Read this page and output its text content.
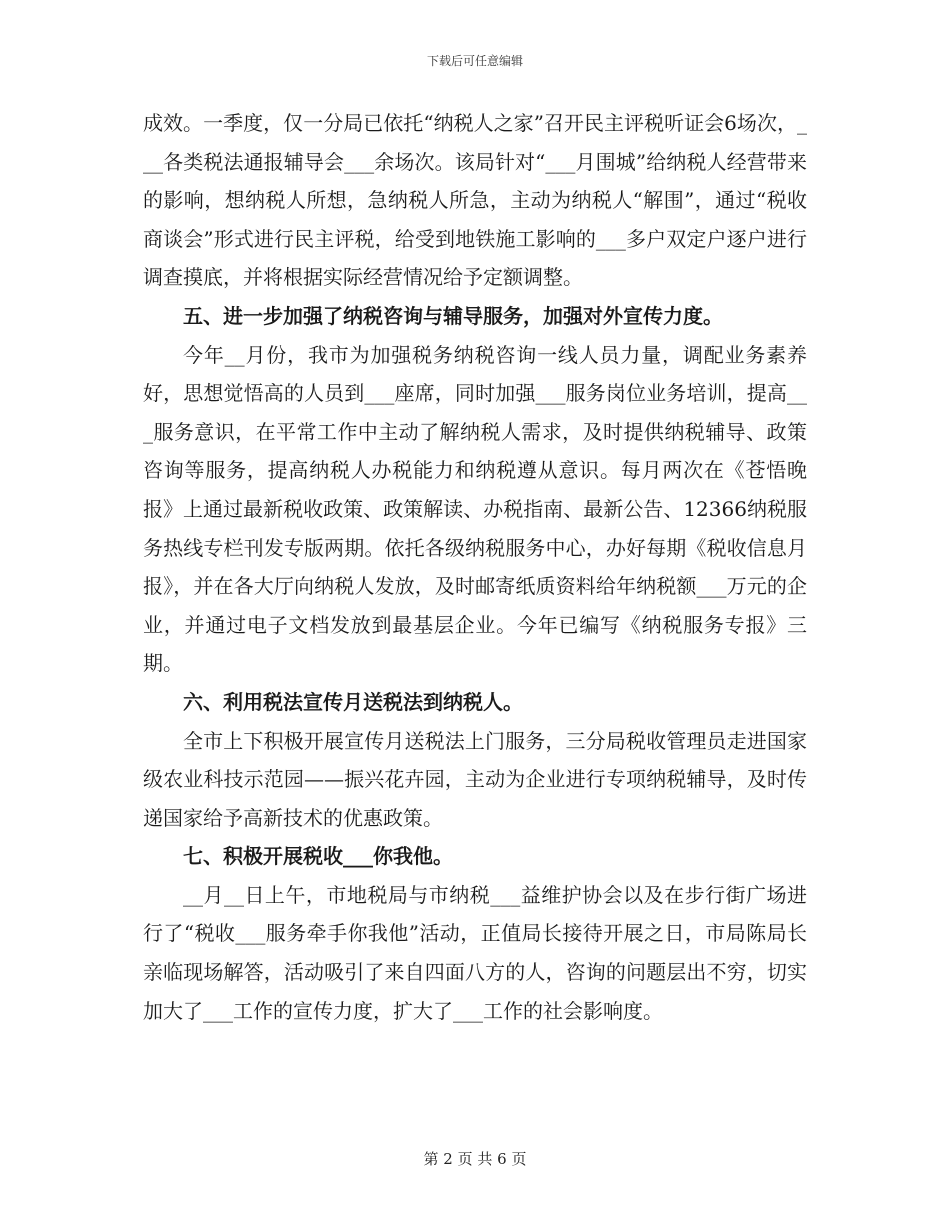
下载后可任意编辑

成效。一季度，仅一分局已依托“纳税人之家”召开民主评税听证会6场次，___各类税法通报辅导会___余场次。该局针对“___月围城”给纳税人经营带来的影响，想纳税人所想，急纳税人所急，主动为纳税人“解围”，通过“税收商谈会”形式进行民主评税，给受到地铁施工影响的___多户双定户逐户进行调查摸底，并将根据实际经营情况给予定额调整。

五、进一步加强了纳税咨询与辅导服务，加强对外宣传力度。

今年__月份，我市为加强税务纳税咨询一线人员力量，调配业务素养好，思想觉悟高的人员到___座席，同时加强___服务岗位业务培训，提高___服务意识，在平常工作中主动了解纳税人需求，及时提供纳税辅导、政策咨询等服务，提高纳税人办税能力和纳税遵从意识。每月两次在《苍悟晚报》上通过最新税收政策、政策解读、办税指南、最新公告、12366纳税服务热线专栏刊发专版两期。依托各级纳税服务中心，办好每期《税收信息月报》，并在各大厅向纳税人发放，及时邮寄纸质资料给年纳税额___万元的企业，并通过电子文档发放到最基层企业。今年已编写《纳税服务专报》三期。

六、利用税法宣传月送税法到纳税人。

全市上下积极开展宣传月送税法上门服务，三分局税收管理员走进国家级农业科技示范园——振兴花卉园，主动为企业进行专项纳税辅导，及时传递国家给予高新技术的优惠政策。

七、积极开展税收___你我他。

__月__日上午，市地税局与市纳税___益维护协会以及在步行街广场进行了“税收___服务牵手你我他”活动，正值局长接待开展之日，市局陈局长亲临现场解答，活动吸引了来自四面八方的人，咨询的问题层出不穷，切实加大了___工作的宣传力度，扩大了___工作的社会影响度。

第 2 页 共 6 页
